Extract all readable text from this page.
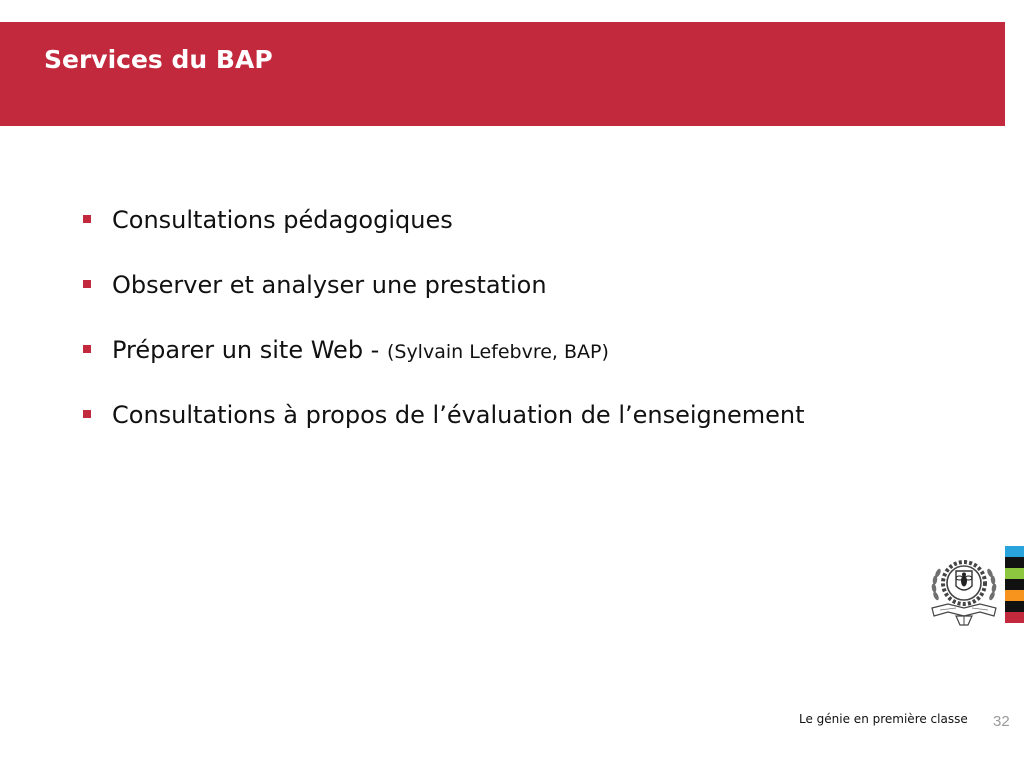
Services du BAP
Consultations pédagogiques
Observer et analyser une prestation
Préparer un site Web - (Sylvain Lefebvre, BAP)
Consultations à propos de l’évaluation de l’enseignement
Le génie en première classe 32
